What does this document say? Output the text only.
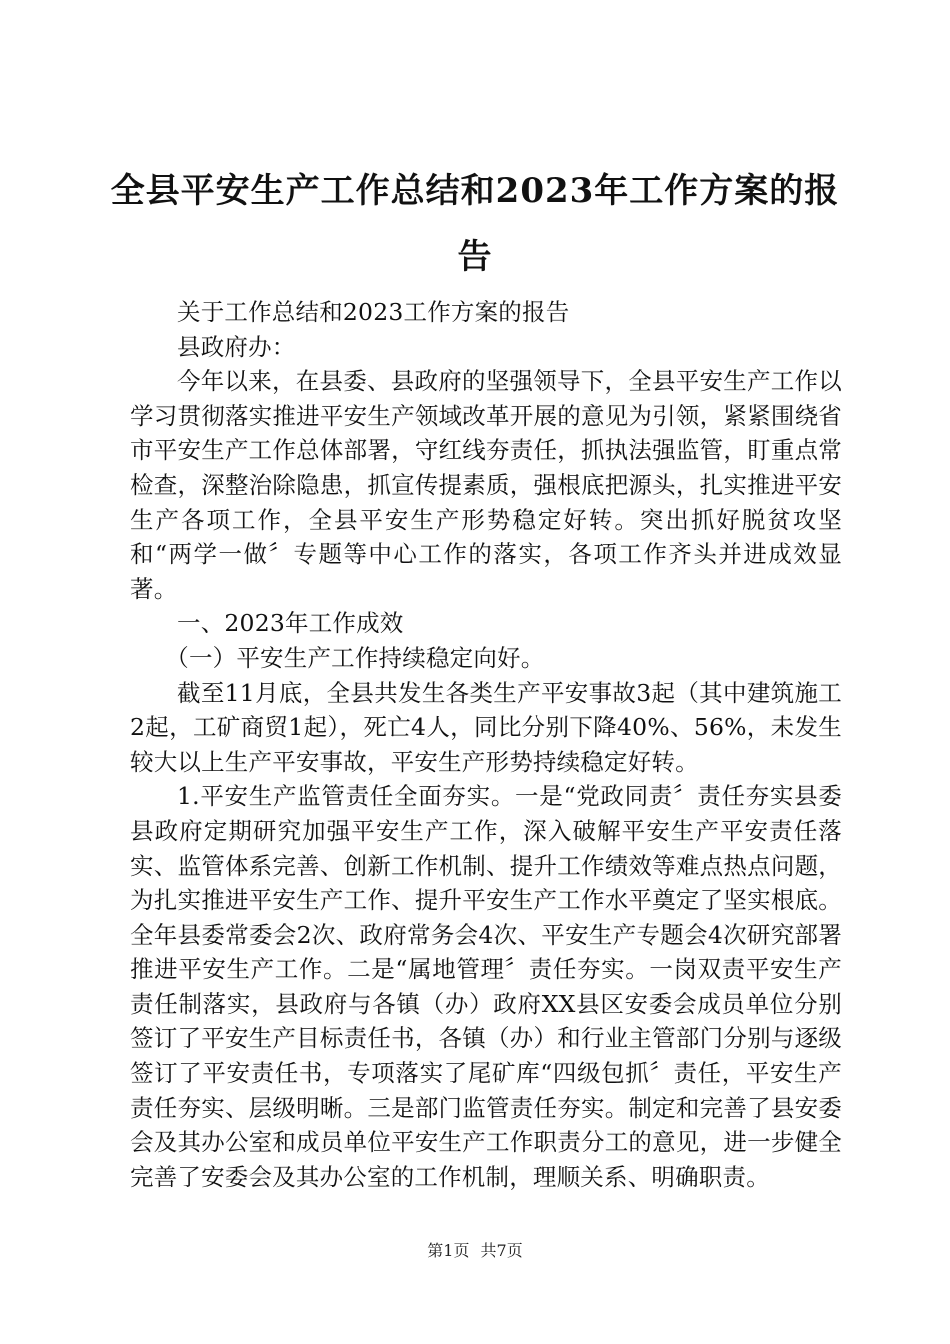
全县平安生产工作总结和2023年工作方案的报告

关于工作总结和2023工作方案的报告

县政府办：

今年以来，在县委、县政府的坚强领导下，全县平安生产工作以学习贯彻落实推进平安生产领域改革开展的意见为引领，紧紧围绕省市平安生产工作总体部署，守红线夯责任，抓执法强监管，盯重点常检查，深整治除隐患，抓宣传提素质，强根底把源头，扎实推进平安生产各项工作，全县平安生产形势稳定好转。突出抓好脱贫攻坚和“两学一做〞专题等中心工作的落实，各项工作齐头并进成效显著。

一、2023年工作成效

（一）平安生产工作持续稳定向好。

截至11月底，全县共发生各类生产平安事故3起（其中建筑施工2起，工矿商贸1起），死亡4人，同比分别下降40%、56%，未发生较大以上生产平安事故，平安生产形势持续稳定好转。

1.平安生产监管责任全面夯实。一是“党政同责〞责任夯实县委县政府定期研究加强平安生产工作，深入破解平安生产平安责任落实、监管体系完善、创新工作机制、提升工作绩效等难点热点问题，为扎实推进平安生产工作、提升平安生产工作水平奠定了坚实根底。全年县委常委会2次、政府常务会4次、平安生产专题会4次研究部署推进平安生产工作。二是“属地管理〞责任夯实。一岗双责平安生产责任制落实，县政府与各镇（办）政府XX县区安委会成员单位分别签订了平安生产目标责任书，各镇（办）和行业主管部门分别与逐级签订了平安责任书，专项落实了尾矿库“四级包抓〞责任，平安生产责任夯实、层级明晰。三是部门监管责任夯实。制定和完善了县安委会及其办公室和成员单位平安生产工作职责分工的意见，进一步健全完善了安委会及其办公室的工作机制，理顺关系、明确职责。

第1页 共7页
